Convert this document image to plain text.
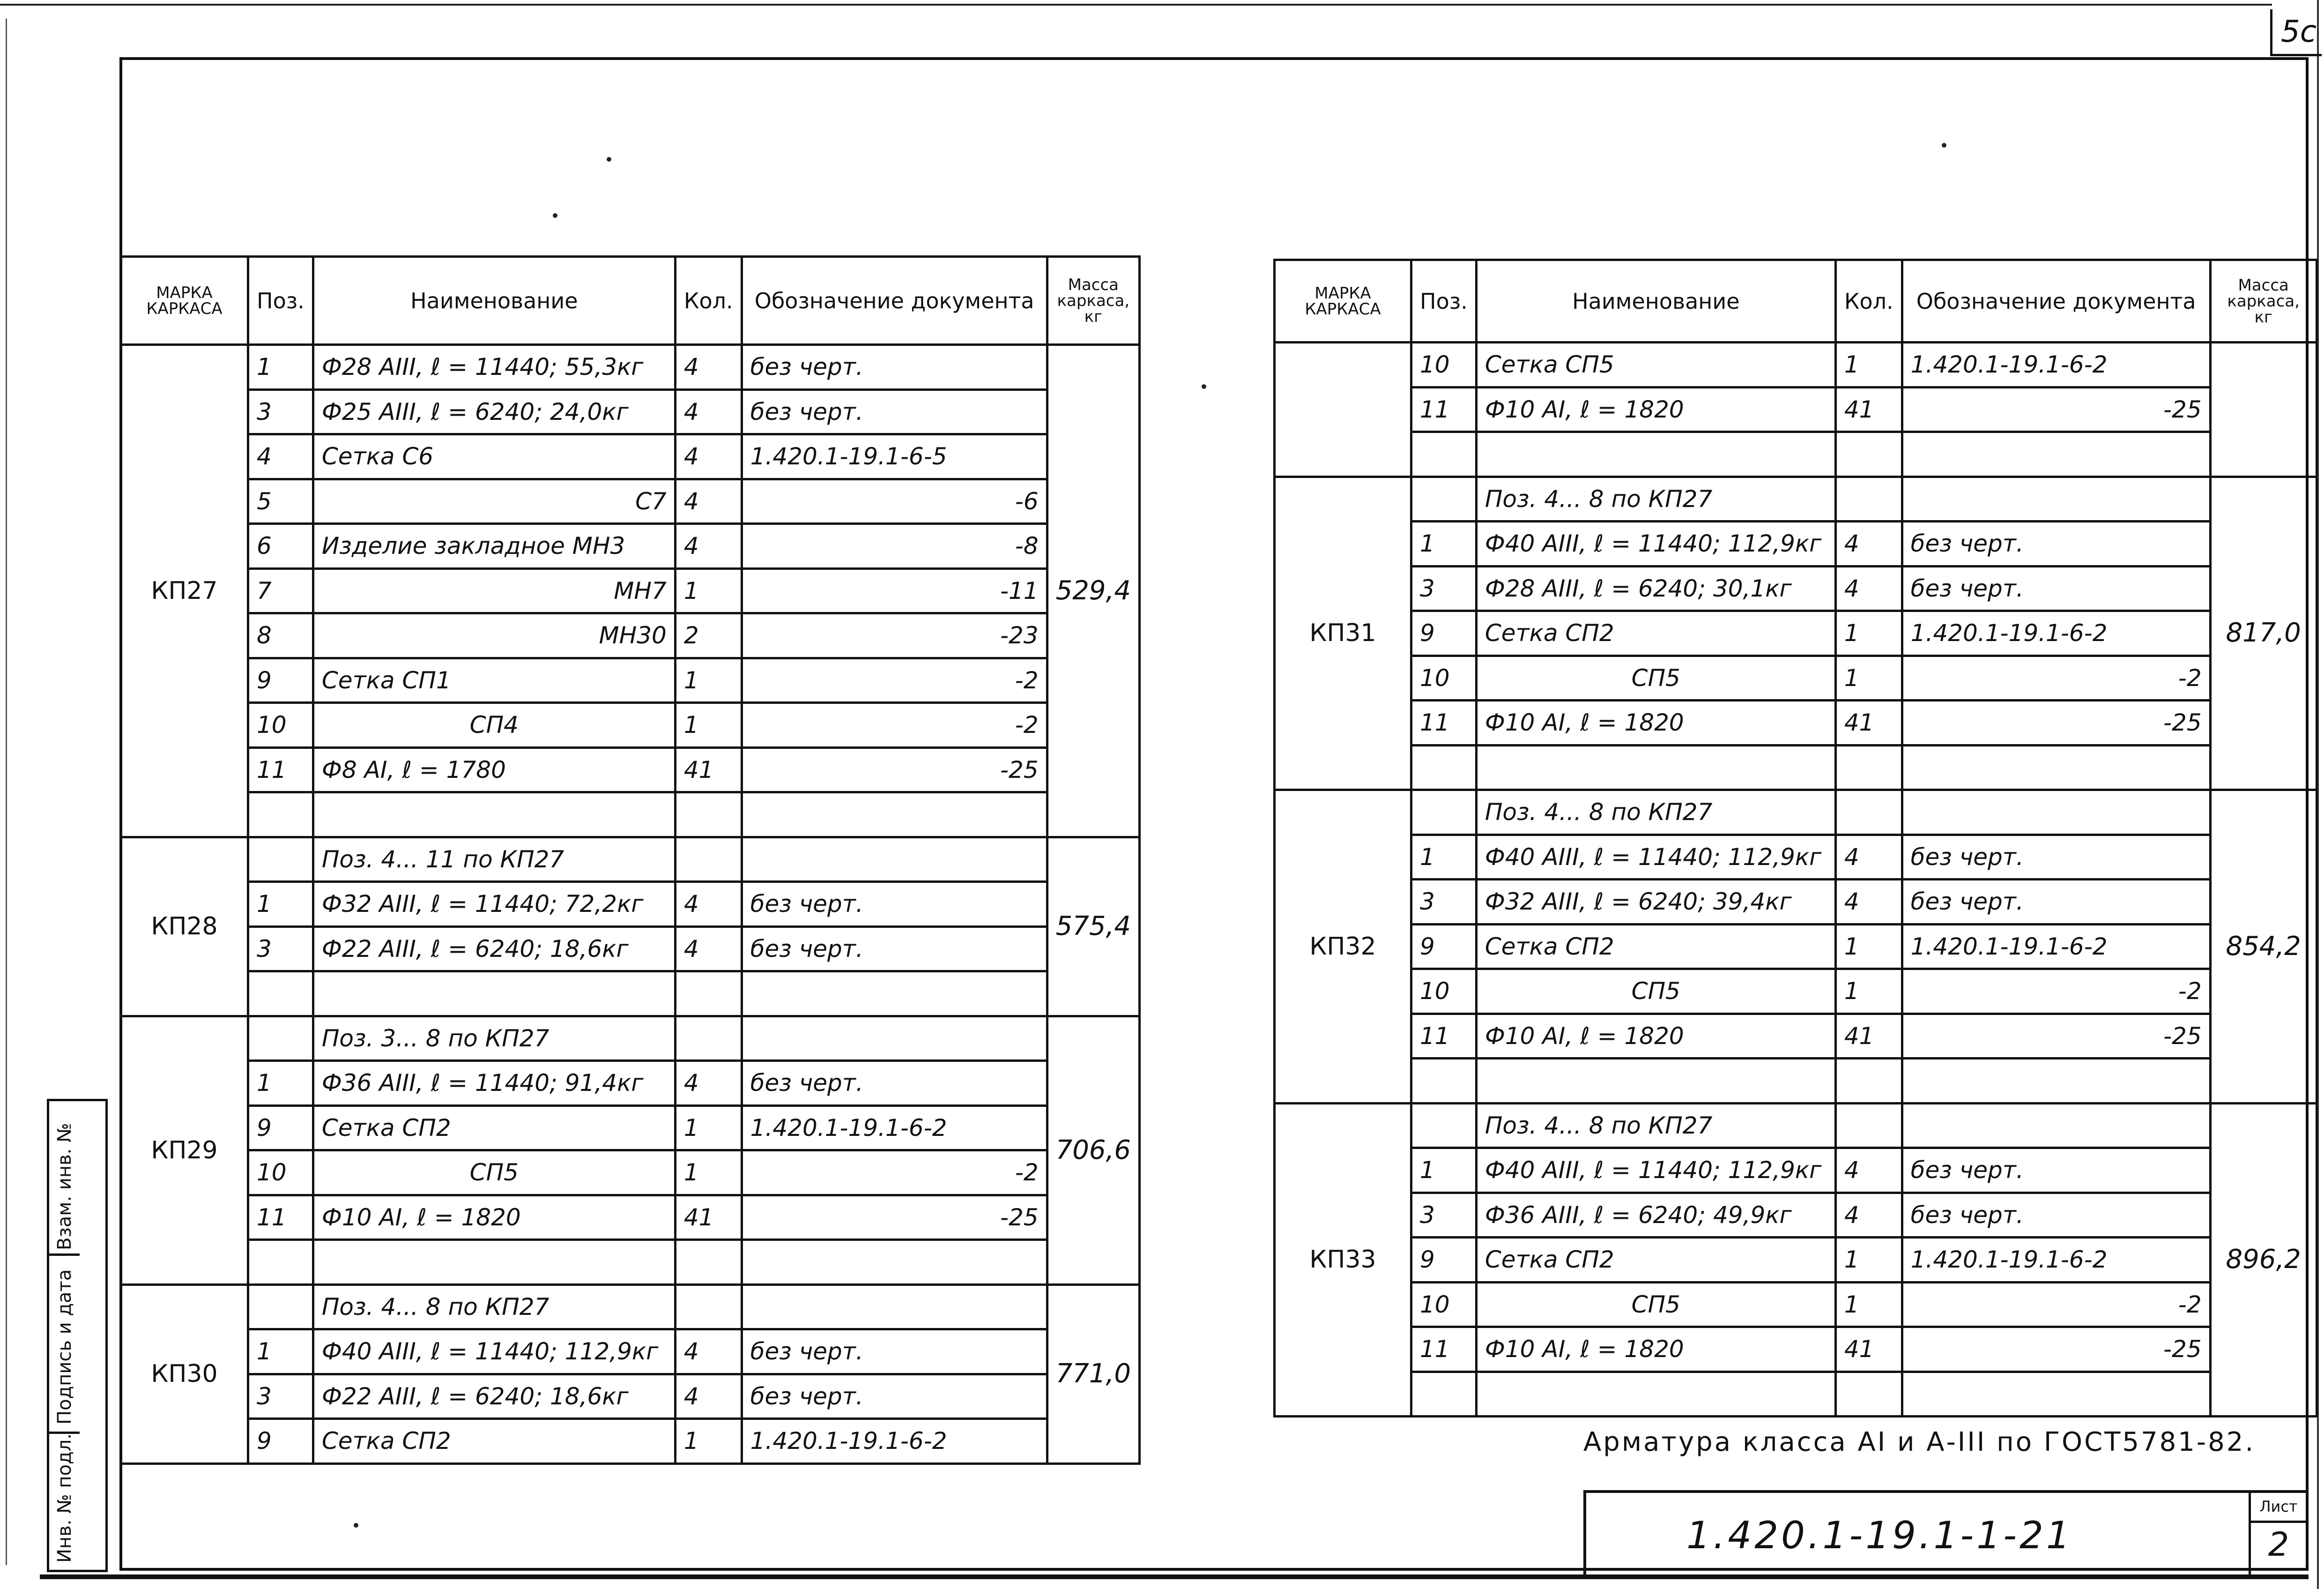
5с
МАРКА КАРКАСА	Поз.	Наименование	Кол.	Обозначение документа	Масса каркаса, кг
КП27	1	Ф28 АIII, ℓ = 11440; 55,3кг	4	без черт.	529,4
	3	Ф25 АIII, ℓ = 6240; 24,0кг	4	без черт.	
	4	Сетка С6	4	1.420.1-19.1-6-5	
	5	С7	4	-6	
	6	Изделие закладное МН3	4	-8	
	7	МН7	1	-11	
	8	МН30	2	-23	
	9	Сетка СП1	1	-2	
	10	СП4	1	-2	
	11	Ф8 АI, ℓ = 1780	41	-25	

КП28		Поз. 4... 11 по КП27			575,4
	1	Ф32 АIII, ℓ = 11440; 72,2кг	4	без черт.	
	3	Ф22 АIII, ℓ = 6240; 18,6кг	4	без черт.	

КП29		Поз. 3... 8 по КП27			706,6
	1	Ф36 АIII, ℓ = 11440; 91,4кг	4	без черт.	
	9	Сетка СП2	1	1.420.1-19.1-6-2	
	10	СП5	1	-2	
	11	Ф10 АI, ℓ = 1820	41	-25	

КП30		Поз. 4... 8 по КП27			771,0
	1	Ф40 АIII, ℓ = 11440; 112,9кг	4	без черт.	
	3	Ф22 АIII, ℓ = 6240; 18,6кг	4	без черт.	
	9	Сетка СП2	1	1.420.1-19.1-6-2	
МАРКА КАРКАСА	Поз.	Наименование	Кол.	Обозначение документа	Масса каркаса, кг
	10	Сетка СП5	1	1.420.1-19.1-6-2	
	11	Ф10 АI, ℓ = 1820	41	-25	

КП31		Поз. 4... 8 по КП27			817,0
	1	Ф40 АIII, ℓ = 11440; 112,9кг	4	без черт.	
	3	Ф28 АIII, ℓ = 6240; 30,1кг	4	без черт.	
	9	Сетка СП2	1	1.420.1-19.1-6-2	
	10	СП5	1	-2	
	11	Ф10 АI, ℓ = 1820	41	-25	

КП32		Поз. 4... 8 по КП27			854,2
	1	Ф40 АIII, ℓ = 11440; 112,9кг	4	без черт.	
	3	Ф32 АIII, ℓ = 6240; 39,4кг	4	без черт.	
	9	Сетка СП2	1	1.420.1-19.1-6-2	
	10	СП5	1	-2	
	11	Ф10 АI, ℓ = 1820	41	-25	

КП33		Поз. 4... 8 по КП27			896,2
	1	Ф40 АIII, ℓ = 11440; 112,9кг	4	без черт.	
	3	Ф36 АIII, ℓ = 6240; 49,9кг	4	без черт.	
	9	Сетка СП2	1	1.420.1-19.1-6-2	
	10	СП5	1	-2	
	11	Ф10 АI, ℓ = 1820	41	-25	

Арматура класса АI и А-III по ГОСТ5781-82.
1.420.1-19.1-1-21
Лист
2
Взам. инв. №
Подпись и дата
Инв. № подл.
